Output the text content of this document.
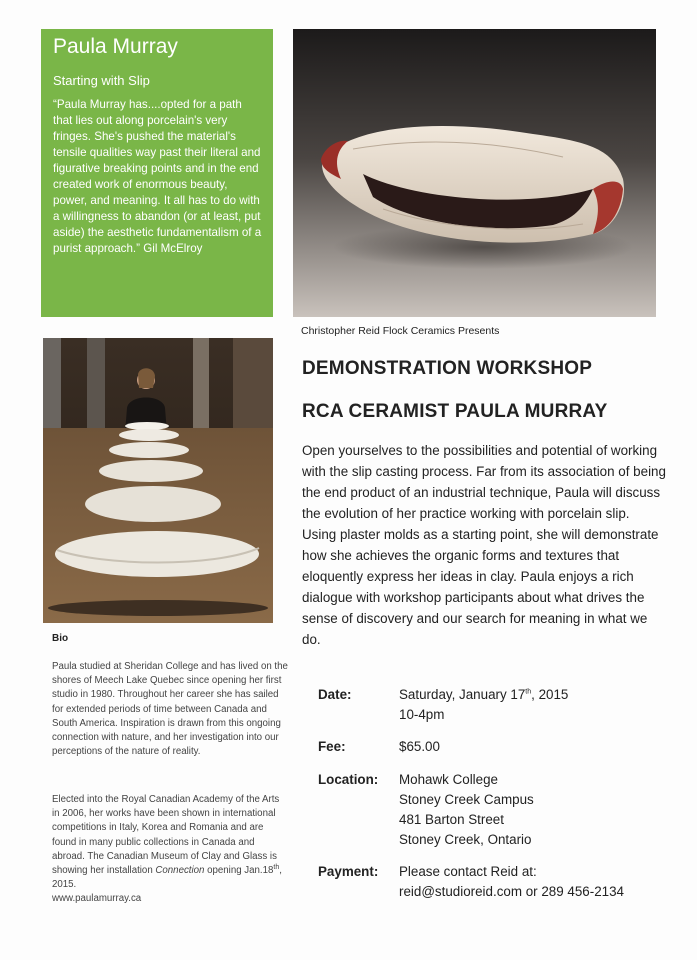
Paula Murray

Starting with Slip

“Paula Murray has....opted for a path that lies out along porcelain's very fringes. She's pushed the material's tensile qualities way past their literal and figurative breaking points and in the end created work of enormous beauty, power, and meaning. It all has to do with a willingness to abandon (or at least, put aside) the aesthetic fundamentalism of a purist approach.” Gil McElroy

Christopher Reid Flock Ceramics Presents

DEMONSTRATION WORKSHOP

RCA CERAMIST PAULA MURRAY

Open yourselves to the possibilities and potential of working with the slip casting process. Far from its association of being the end product of an industrial technique, Paula will discuss the evolution of her practice working with porcelain slip. Using plaster molds as a starting point, she will demonstrate how she achieves the organic forms and textures that eloquently express her ideas in clay. Paula enjoys a rich dialogue with workshop participants about what drives the sense of discovery and our search for meaning in what we do.

Date:	Saturday, January 17th, 2015
10-4pm
Fee:	$65.00
Location: Mohawk College
Stoney Creek Campus
481 Barton Street
Stoney Creek, Ontario
Payment: Please contact Reid at:
reid@studioreid.com or 289 456-2134

Bio

Paula studied at Sheridan College and has lived on the shores of Meech Lake Quebec since opening her first studio in 1980. Throughout her career she has sailed for extended periods of time between Canada and South America. Inspiration is drawn from this ongoing connection with nature, and her investigation into our perceptions of the nature of reality.

Elected into the Royal Canadian Academy of the Arts in 2006, her works have been shown in international competitions in Italy, Korea and Romania and are found in many public collections in Canada and abroad. The Canadian Museum of Clay and Glass is showing her installation Connection opening Jan.18th, 2015.
www.paulamurray.ca
